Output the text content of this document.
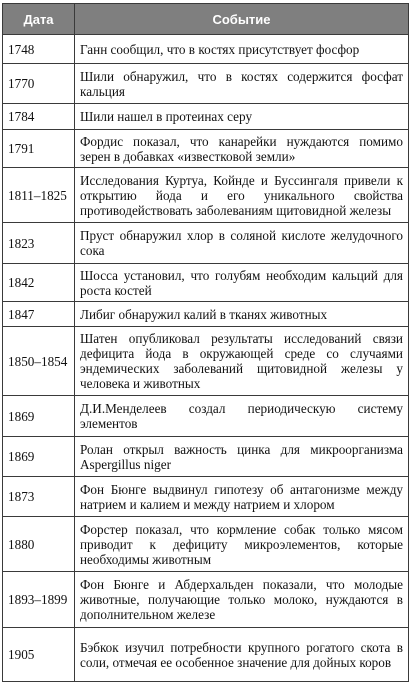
Дата	Событие
1748	Ганн сообщил, что в костях присутствует фосфор
1770	Шили обнаружил, что в костях содержится фосфат кальция
1784	Шили нашел в протеинах серу
1791	Фордис показал, что канарейки нуждаются помимо зерен в добавках «известковой земли»
1811–1825	Исследования Куртуа, Койнде и Буссингаля привели к открытию йода и его уникального свойства противодействовать заболеваниям щитовидной железы
1823	Пруст обнаружил хлор в соляной кислоте желудочного сока
1842	Шосса установил, что голубям необходим кальций для роста костей
1847	Либиг обнаружил калий в тканях животных
1850–1854	Шатен опубликовал результаты исследований связи дефицита йода в окружающей среде со случаями эндемических заболеваний щитовидной железы у человека и животных
1869	Д.И.Менделеев создал периодическую систему элементов
1869	Ролан открыл важность цинка для микроорганизма Aspergillus niger
1873	Фон Бюнге выдвинул гипотезу об антагонизме между натрием и калием и между натрием и хлором
1880	Форстер показал, что кормление собак только мясом приводит к дефициту микроэлементов, которые необходимы животным
1893–1899	Фон Бюнге и Абдерхальден показали, что молодые животные, получающие только молоко, нуждаются в дополнительном железе
1905	Бэбкок изучил потребности крупного рогатого скота в соли, отмечая ее особенное значение для дойных коров
